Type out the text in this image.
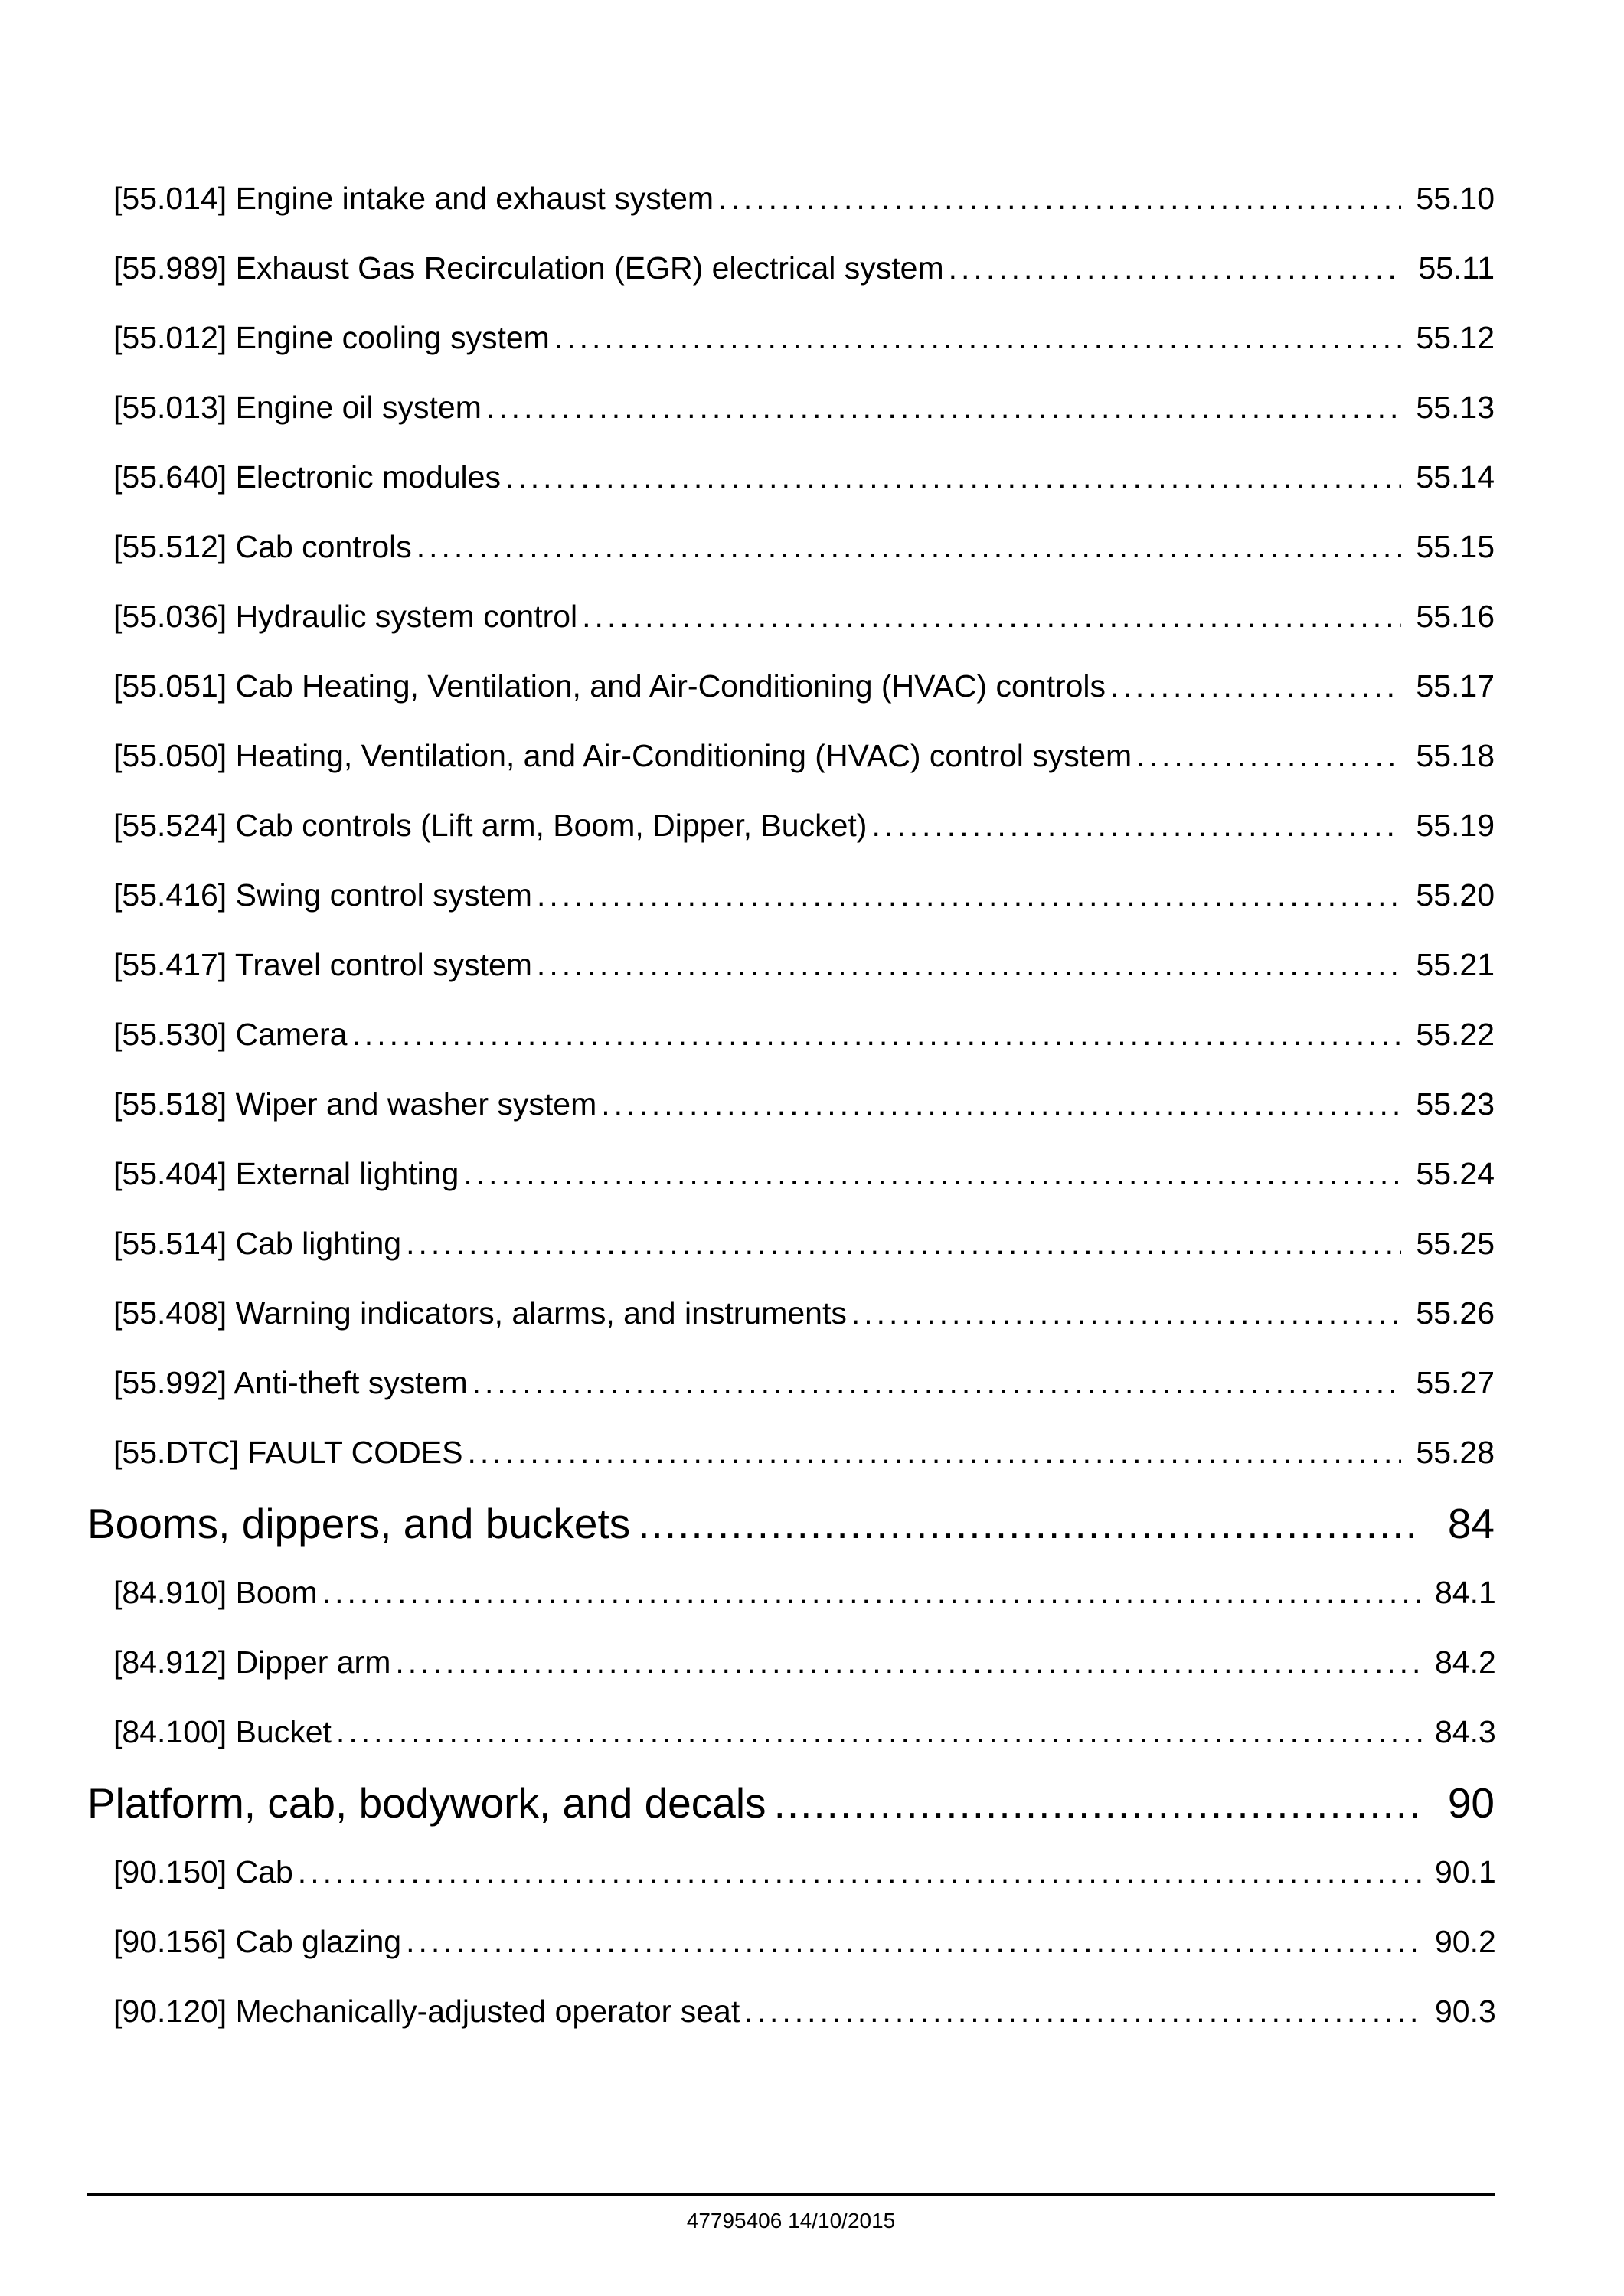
[55.014] Engine intake and exhaust system .....	55.10
[55.989] Exhaust Gas Recirculation (EGR) electrical system .....	55.11
[55.012] Engine cooling system .....	55.12
[55.013] Engine oil system .....	55.13
[55.640] Electronic modules .....	55.14
[55.512] Cab controls .....	55.15
[55.036] Hydraulic system control .....	55.16
[55.051] Cab Heating, Ventilation, and Air-Conditioning (HVAC) controls .....	55.17
[55.050] Heating, Ventilation, and Air-Conditioning (HVAC) control system .....	55.18
[55.524] Cab controls (Lift arm, Boom, Dipper, Bucket) .....	55.19
[55.416] Swing control system .....	55.20
[55.417] Travel control system .....	55.21
[55.530] Camera .....	55.22
[55.518] Wiper and washer system .....	55.23
[55.404] External lighting .....	55.24
[55.514] Cab lighting .....	55.25
[55.408] Warning indicators, alarms, and instruments .....	55.26
[55.992] Anti-theft system .....	55.27
[55.DTC] FAULT CODES .....	55.28
Booms, dippers, and buckets .....	84
[84.910] Boom .....	84.1
[84.912] Dipper arm .....	84.2
[84.100] Bucket .....	84.3
Platform, cab, bodywork, and decals .....	90
[90.150] Cab .....	90.1
[90.156] Cab glazing .....	90.2
[90.120] Mechanically-adjusted operator seat .....	90.3
47795406 14/10/2015
